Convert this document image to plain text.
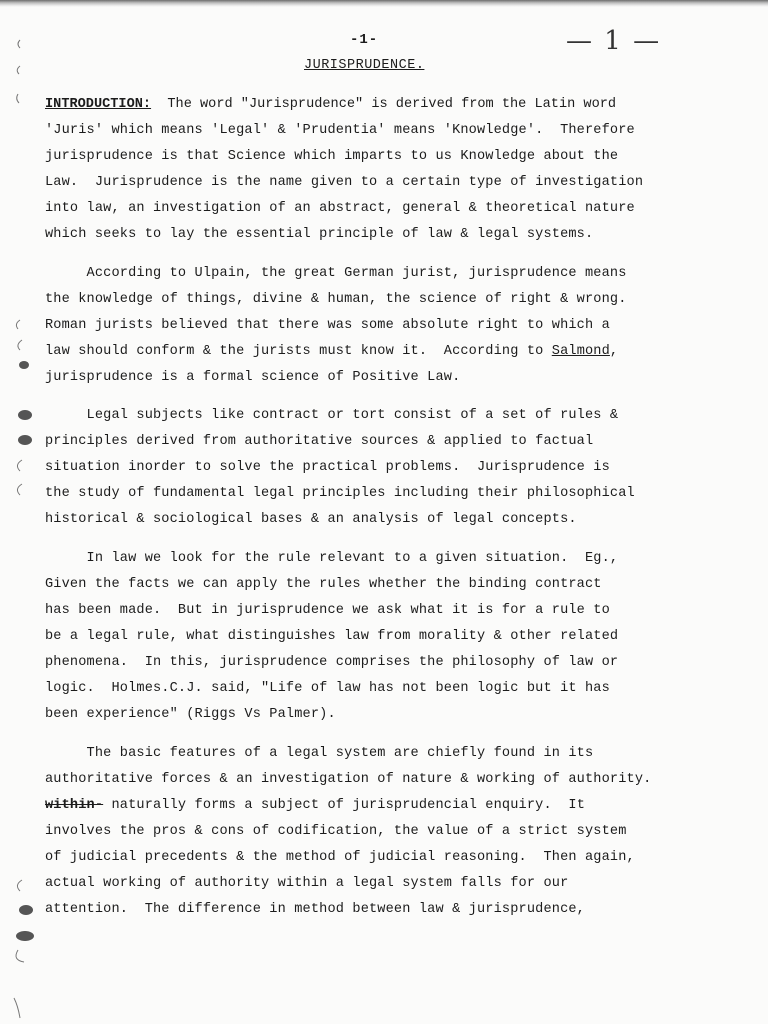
-1-	— 1 —
JURISPRUDENCE.
INTRODUCTION: The word "Jurisprudence" is derived from the Latin word
'Juris' which means 'Legal' & 'Prudentia' means 'Knowledge'.  Therefore
jurisprudence is that Science which imparts to us Knowledge about the
Law.  Jurisprudence is the name given to a certain type of investigation
into law, an investigation of an abstract, general & theoretical nature
which seeks to lay the essential principle of law & legal systems.
According to Ulpain, the great German jurist, jurisprudence means
the knowledge of things, divine & human, the science of right & wrong.
Roman jurists believed that there was some absolute right to which a
law should conform & the jurists must know it.  According to Salmond,
jurisprudence is a formal science of Positive Law.
Legal subjects like contract or tort consist of a set of rules &
principles derived from authoritative sources & applied to factual
situation inorder to solve the practical problems.  Jurisprudence is
the study of fundamental legal principles including their philosophical
historical & sociological bases & an analysis of legal concepts.
In law we look for the rule relevant to a given situation.  Eg.,
Given the facts we can apply the rules whether the binding contract
has been made.  But in jurisprudence we ask what it is for a rule to
be a legal rule, what distinguishes law from morality & other related
phenomena.  In this, jurisprudence comprises the philosophy of law or
logic.  Holmes.C.J. said, "Life of law has not been logic but it has
been experience" (Riggs Vs Palmer).
The basic features of a legal system are chiefly found in its
authoritative forces & an investigation of nature & working of authority.
within- naturally forms a subject of jurisprudencial enquiry.  It
involves the pros & cons of codification, the value of a strict system
of judicial precedents & the method of judicial reasoning.  Then again,
actual working of authority within a legal system falls for our
attention.  The difference in method between law & jurisprudence,
